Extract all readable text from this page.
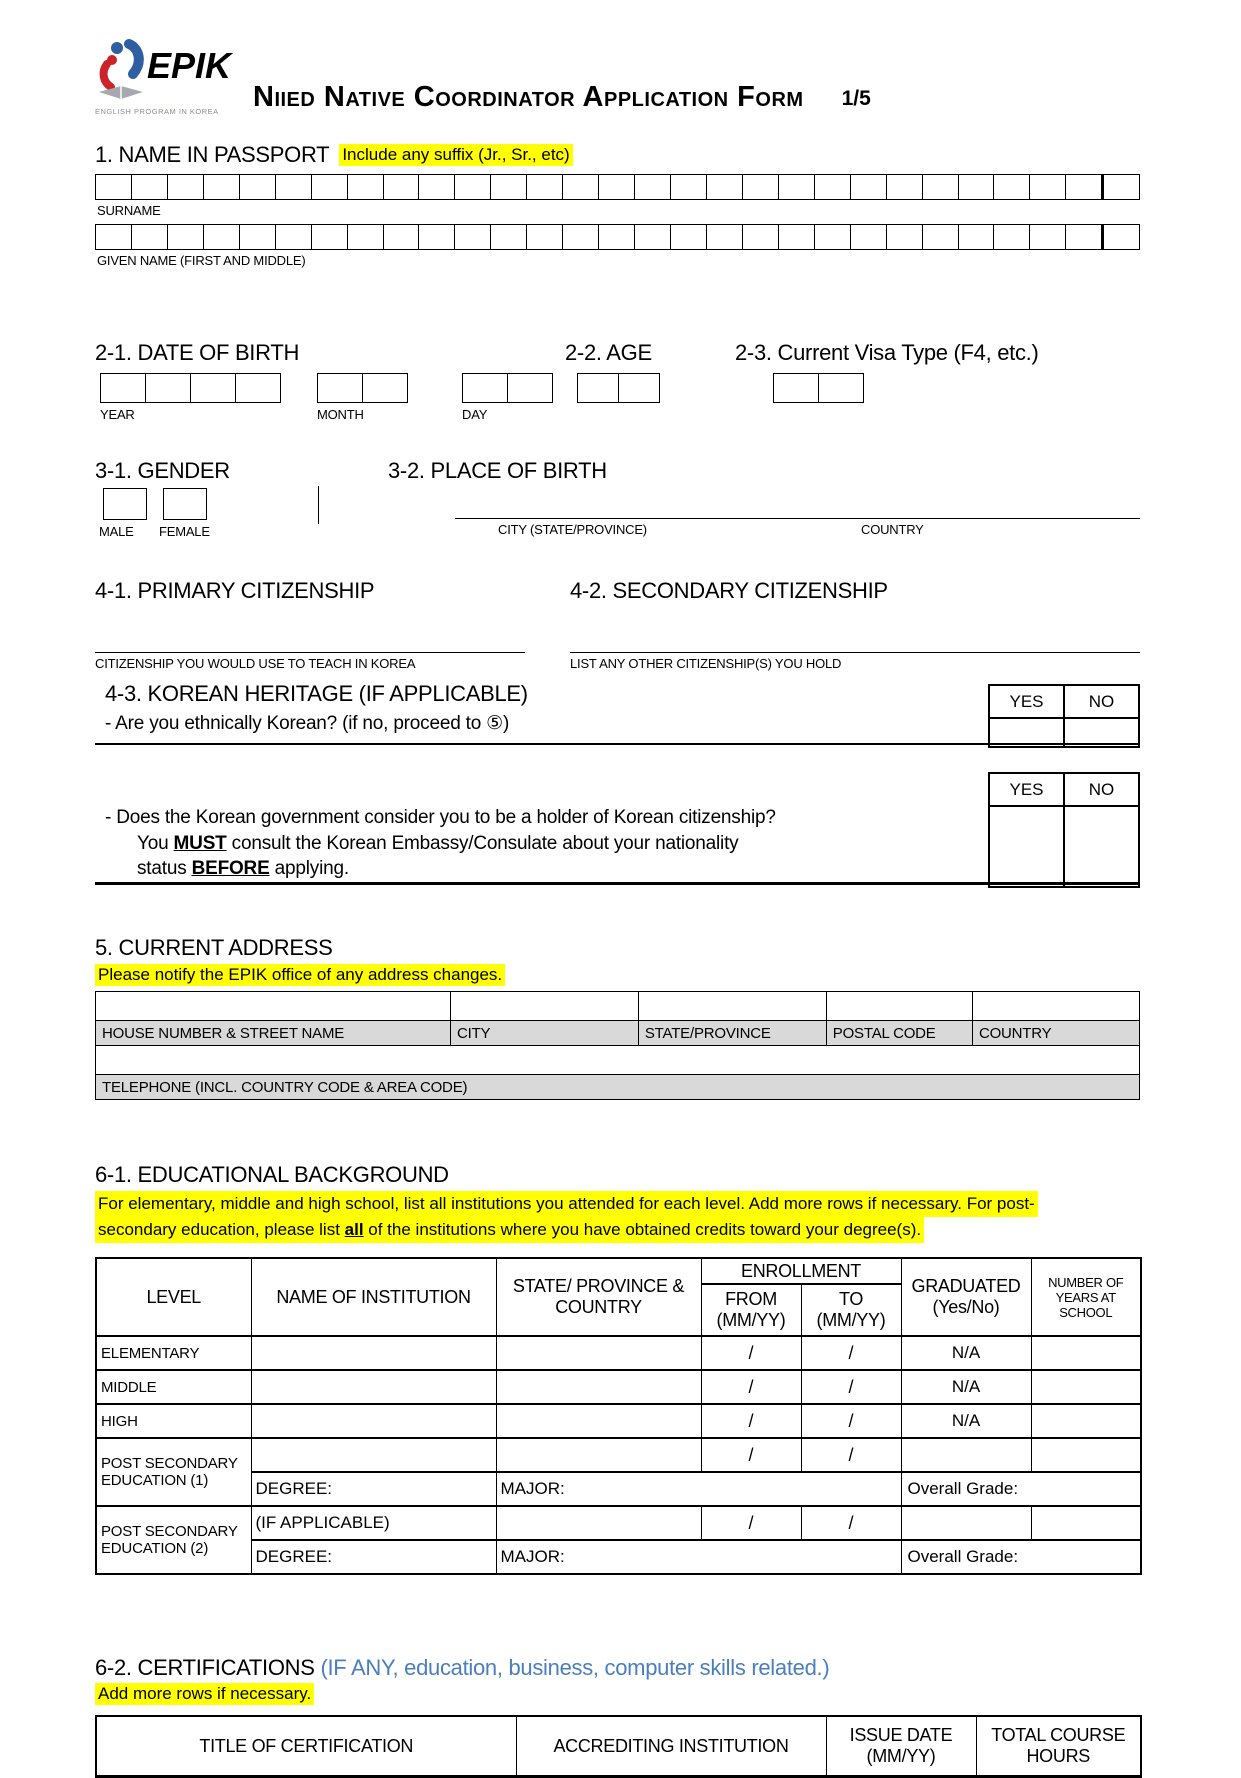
EPIK
ENGLISH PROGRAM IN KOREA	Niied Native Coordinator Application Form 1/5
1. NAME IN PASSPORT Include any suffix (Jr., Sr., etc)
SURNAME
GIVEN NAME (FIRST AND MIDDLE)
2-1. DATE OF BIRTH	2-2. AGE	2-3. Current Visa Type (F4, etc.)
YEAR	MONTH	DAY
3-1. GENDER	3-2. PLACE OF BIRTH
MALE FEMALE	CITY (STATE/PROVINCE)	COUNTRY
4-1. PRIMARY CITIZENSHIP	4-2. SECONDARY CITIZENSHIP
CITIZENSHIP YOU WOULD USE TO TEACH IN KOREA	LIST ANY OTHER CITIZENSHIP(S) YOU HOLD
4-3. KOREAN HERITAGE (IF APPLICABLE)
- Are you ethnically Korean? (if no, proceed to ⑤)
YES	NO

- Does the Korean government consider you to be a holder of Korean citizenship?
You MUST consult the Korean Embassy/Consulate about your nationality
status BEFORE applying.
YES	NO

5. CURRENT ADDRESS
Please notify the EPIK office of any address changes.

HOUSE NUMBER & STREET NAME	CITY	STATE/PROVINCE	POSTAL CODE	COUNTRY

TELEPHONE (INCL. COUNTRY CODE & AREA CODE)				
6-1. EDUCATIONAL BACKGROUND
For elementary, middle and high school, list all institutions you attended for each level. Add more rows if necessary. For post-
secondary education, please list all of the institutions where you have obtained credits toward your degree(s).
LEVEL	NAME OF INSTITUTION	STATE/ PROVINCE & COUNTRY	ENROLLMENT		GRADUATED (Yes/No)	NUMBER OF YEARS AT SCHOOL
			FROM (MM/YY)	TO (MM/YY)		
ELEMENTARY			/	/	N/A	
MIDDLE			/	/	N/A	
HIGH			/	/	N/A	
POST SECONDARY EDUCATION (1)			/	/		
	DEGREE:	MAJOR:			Overall Grade:	
POST SECONDARY EDUCATION (2)	(IF APPLICABLE)		/	/		
	DEGREE:	MAJOR:			Overall Grade:	
6-2. CERTIFICATIONS (IF ANY, education, business, computer skills related.)
Add more rows if necessary.
TITLE OF CERTIFICATION	ACCREDITING INSTITUTION	ISSUE DATE (MM/YY)	TOTAL COURSE HOURS
